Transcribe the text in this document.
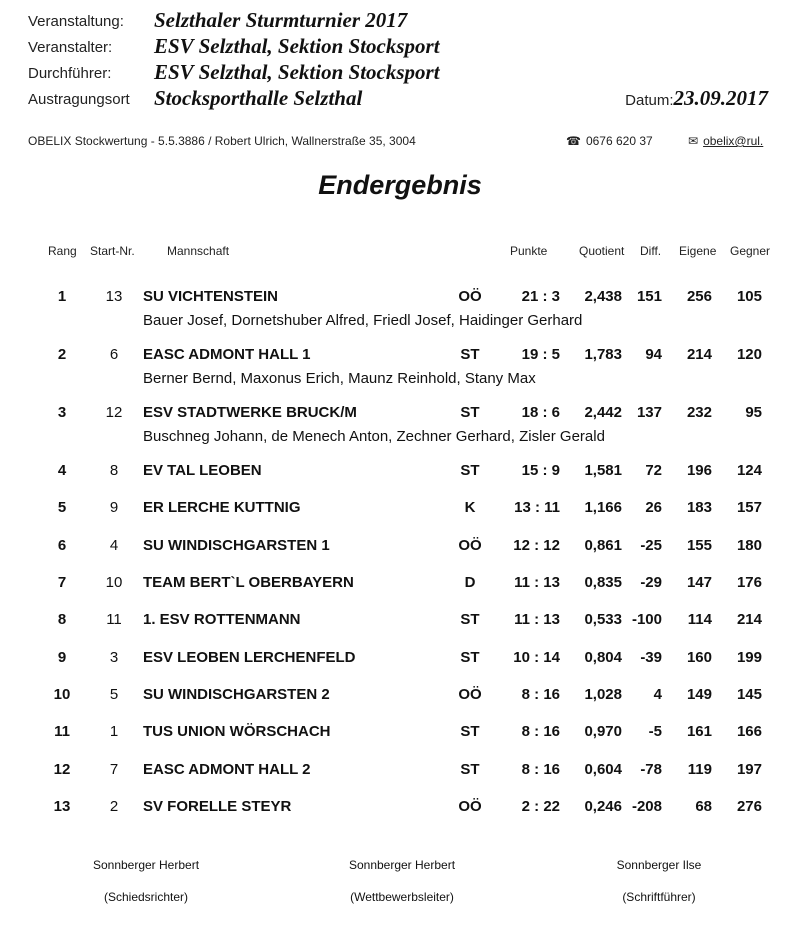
Veranstaltung: Selzthaler Sturmturnier 2017
Veranstalter: ESV Selzthal, Sektion Stocksport
Durchführer: ESV Selzthal, Sektion Stocksport
Austragungsort Stocksporthalle Selzthal	Datum:23.09.2017
OBELIX Stockwertung - 5.5.3886 / Robert Ulrich, Wallnerstraße 35, 3004	☎ 0676 620 37	✉ obelix@rul.
Endergebnis
Rang Start-Nr.	Mannschaft	Punkte	Quotient Diff. Eigene Gegner
1	13	SU VICHTENSTEIN	OÖ	21 : 3	2,438 151	256	105
Bauer Josef, Dornetshuber Alfred, Friedl Josef, Haidinger Gerhard
2	6	EASC ADMONT HALL 1	ST	19 : 5	1,783	94	214	120
Berner Bernd, Maxonus Erich, Maunz Reinhold, Stany Max
3	12	ESV STADTWERKE BRUCK/M	ST	18 : 6	2,442 137	232	95
Buschneg Johann, de Menech Anton, Zechner Gerhard, Zisler Gerald
4	8	EV TAL LEOBEN	ST	15 : 9	1,581	72	196	124
5	9	ER LERCHE KUTTNIG	K	13 : 11	1,166	26	183	157
6	4	SU WINDISCHGARSTEN 1	OÖ	12 : 12	0,861	-25	155	180
7	10	TEAM BERT`L OBERBAYERN	D	11 : 13	0,835	-29	147	176
8	11	1. ESV ROTTENMANN	ST	11 : 13	0,533 -100	114	214
9	3	ESV LEOBEN LERCHENFELD	ST	10 : 14	0,804	-39	160	199
10	5	SU WINDISCHGARSTEN 2	OÖ	8 : 16	1,028	4	149	145
11	1	TUS UNION WÖRSCHACH	ST	8 : 16	0,970	-5	161	166
12	7	EASC ADMONT HALL 2	ST	8 : 16	0,604	-78	119	197
13	2	SV FORELLE STEYR	OÖ	2 : 22	0,246 -208	68	276
Sonnberger Herbert
(Schiedsrichter)
Sonnberger Herbert
(Wettbewerbsleiter)
Sonnberger Ilse
(Schriftführer)
